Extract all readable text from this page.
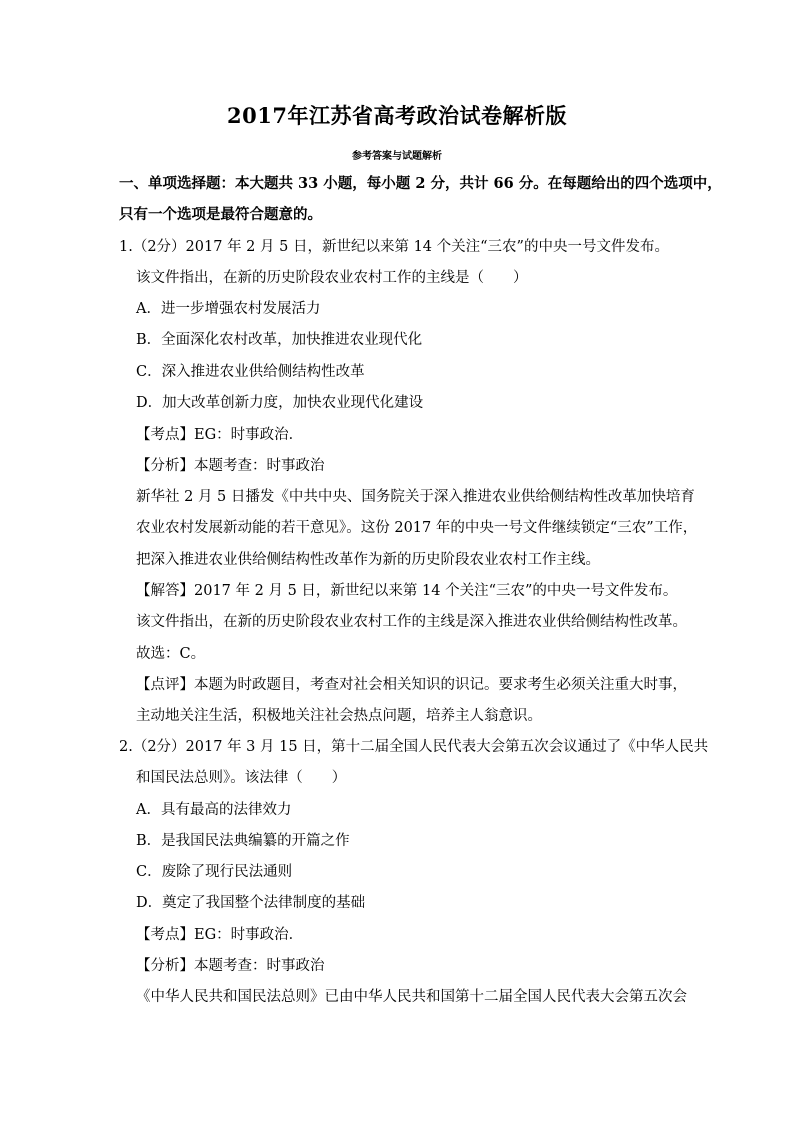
2017年江苏省高考政治试卷解析版
参考答案与试题解析
一、单项选择题：本大题共 33 小题，每小题 2 分，共计 66 分。在每题给出的四个选项中，
只有一个选项是最符合题意的。
1.（2分）2017 年 2 月 5 日，新世纪以来第 14 个关注“三农”的中央一号文件发布。
该文件指出，在新的历史阶段农业农村工作的主线是（　　）
A．进一步增强农村发展活力
B．全面深化农村改革，加快推进农业现代化
C．深入推进农业供给侧结构性改革
D．加大改革创新力度，加快农业现代化建设
【考点】EG：时事政治．
【分析】本题考查：时事政治
新华社 2 月 5 日播发《中共中央、国务院关于深入推进农业供给侧结构性改革加快培育
农业农村发展新动能的若干意见》。这份 2017 年的中央一号文件继续锁定“三农”工作，
把深入推进农业供给侧结构性改革作为新的历史阶段农业农村工作主线。
【解答】2017 年 2 月 5 日，新世纪以来第 14 个关注“三农”的中央一号文件发布。
该文件指出，在新的历史阶段农业农村工作的主线是深入推进农业供给侧结构性改革。
故选：C。
【点评】本题为时政题目，考查对社会相关知识的识记。要求考生必须关注重大时事，
主动地关注生活，积极地关注社会热点问题，培养主人翁意识。
2.（2分）2017 年 3 月 15 日，第十二届全国人民代表大会第五次会议通过了《中华人民共
和国民法总则》。该法律（　　）
A．具有最高的法律效力
B．是我国民法典编纂的开篇之作
C．废除了现行民法通则
D．奠定了我国整个法律制度的基础
【考点】EG：时事政治．
【分析】本题考查：时事政治
《中华人民共和国民法总则》已由中华人民共和国第十二届全国人民代表大会第五次会
